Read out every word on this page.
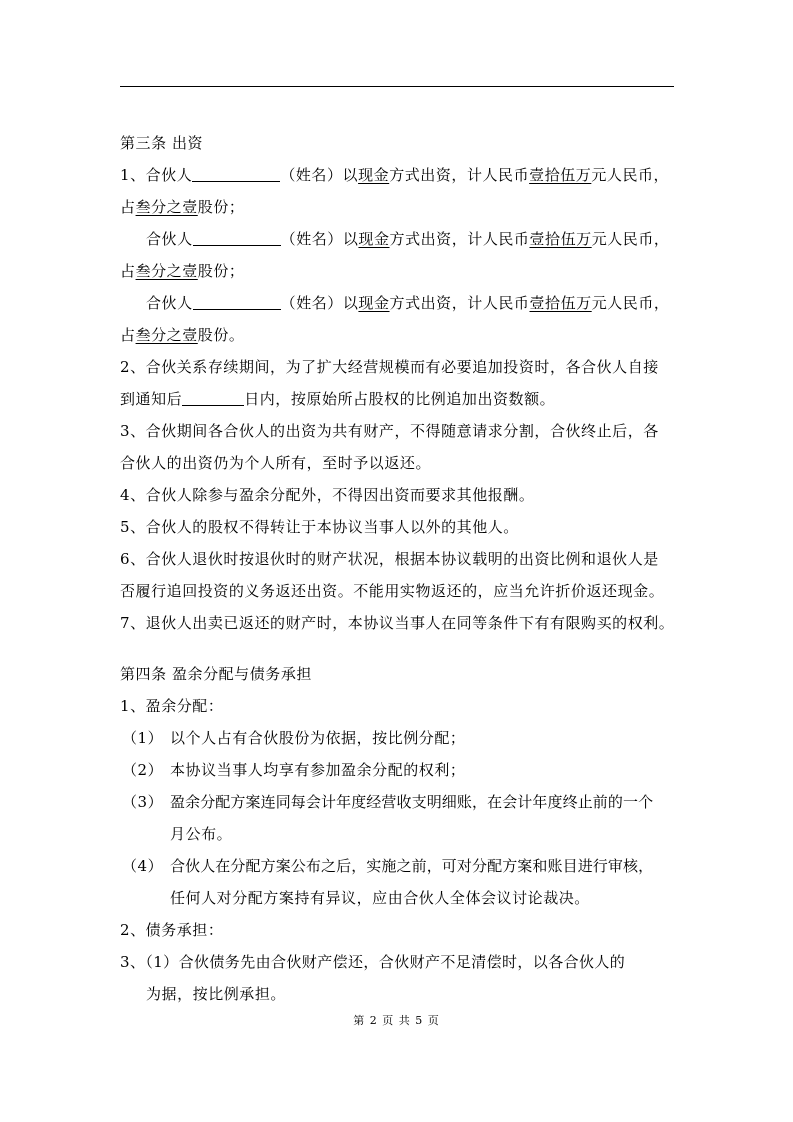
第三条 出资
1、合伙人	（姓名）以现金方式出资，计人民币壹拾伍万元人民币，
占叁分之壹股份；
合伙人	（姓名）以现金方式出资，计人民币壹拾伍万元人民币，
占叁分之壹股份；
合伙人	（姓名）以现金方式出资，计人民币壹拾伍万元人民币，
占叁分之壹股份。
2、合伙关系存续期间，为了扩大经营规模而有必要追加投资时，各合伙人自接
到通知后	日内，按原始所占股权的比例追加出资数额。
3、合伙期间各合伙人的出资为共有财产，不得随意请求分割，合伙终止后，各
合伙人的出资仍为个人所有，至时予以返还。
4、合伙人除参与盈余分配外，不得因出资而要求其他报酬。
5、合伙人的股权不得转让于本协议当事人以外的其他人。
6、合伙人退伙时按退伙时的财产状况，根据本协议载明的出资比例和退伙人是
否履行追回投资的义务返还出资。不能用实物返还的，应当允许折价返还现金。
7、退伙人出卖已返还的财产时，本协议当事人在同等条件下有有限购买的权利。
第四条 盈余分配与债务承担
1、盈余分配：
（1） 以个人占有合伙股份为依据，按比例分配；
（2） 本协议当事人均享有参加盈余分配的权利；
（3） 盈余分配方案连同每会计年度经营收支明细账，在会计年度终止前的一个
月公布。
（4） 合伙人在分配方案公布之后，实施之前，可对分配方案和账目进行审核，
任何人对分配方案持有异议，应由合伙人全体会议讨论裁决。
2、债务承担：
3、（1）合伙债务先由合伙财产偿还，合伙财产不足清偿时，以各合伙人的
为据，按比例承担。
第 2 页 共 5 页
